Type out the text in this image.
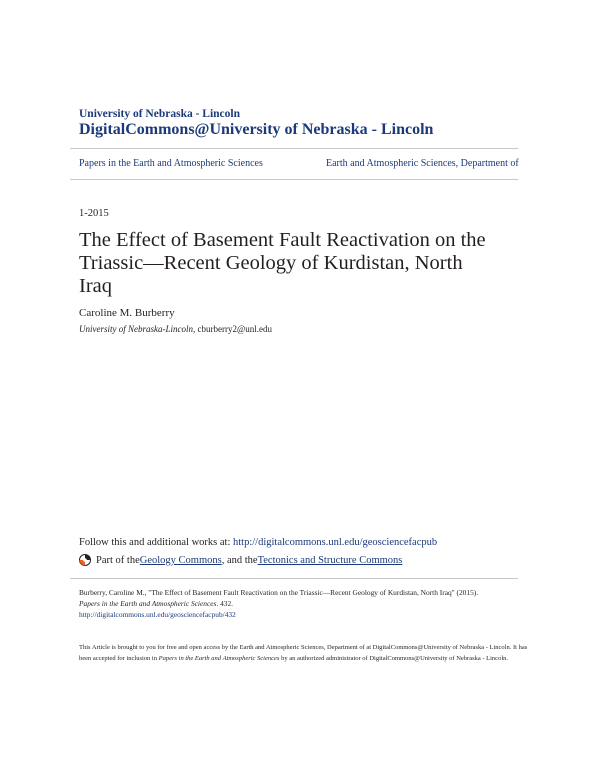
University of Nebraska - Lincoln
DigitalCommons@University of Nebraska - Lincoln
Papers in the Earth and Atmospheric Sciences	Earth and Atmospheric Sciences, Department of
1-2015
The Effect of Basement Fault Reactivation on the
Triassic—Recent Geology of Kurdistan, North
Iraq
Caroline M. Burberry
University of Nebraska-Lincoln, cburberry2@unl.edu
Follow this and additional works at: http://digitalcommons.unl.edu/geosciencefacpub
Part of the Geology Commons , and the Tectonics and Structure Commons
Burberry, Caroline M., "The Effect of Basement Fault Reactivation on the Triassic—Recent Geology of Kurdistan, North Iraq" (2015).
Papers in the Earth and Atmospheric Sciences. 432.
http://digitalcommons.unl.edu/geosciencefacpub/432
This Article is brought to you for free and open access by the Earth and Atmospheric Sciences, Department of at DigitalCommons@University of Nebraska - Lincoln. It has been accepted for inclusion in Papers in the Earth and Atmospheric Sciences by an authorized administrator of DigitalCommons@University of Nebraska - Lincoln.
